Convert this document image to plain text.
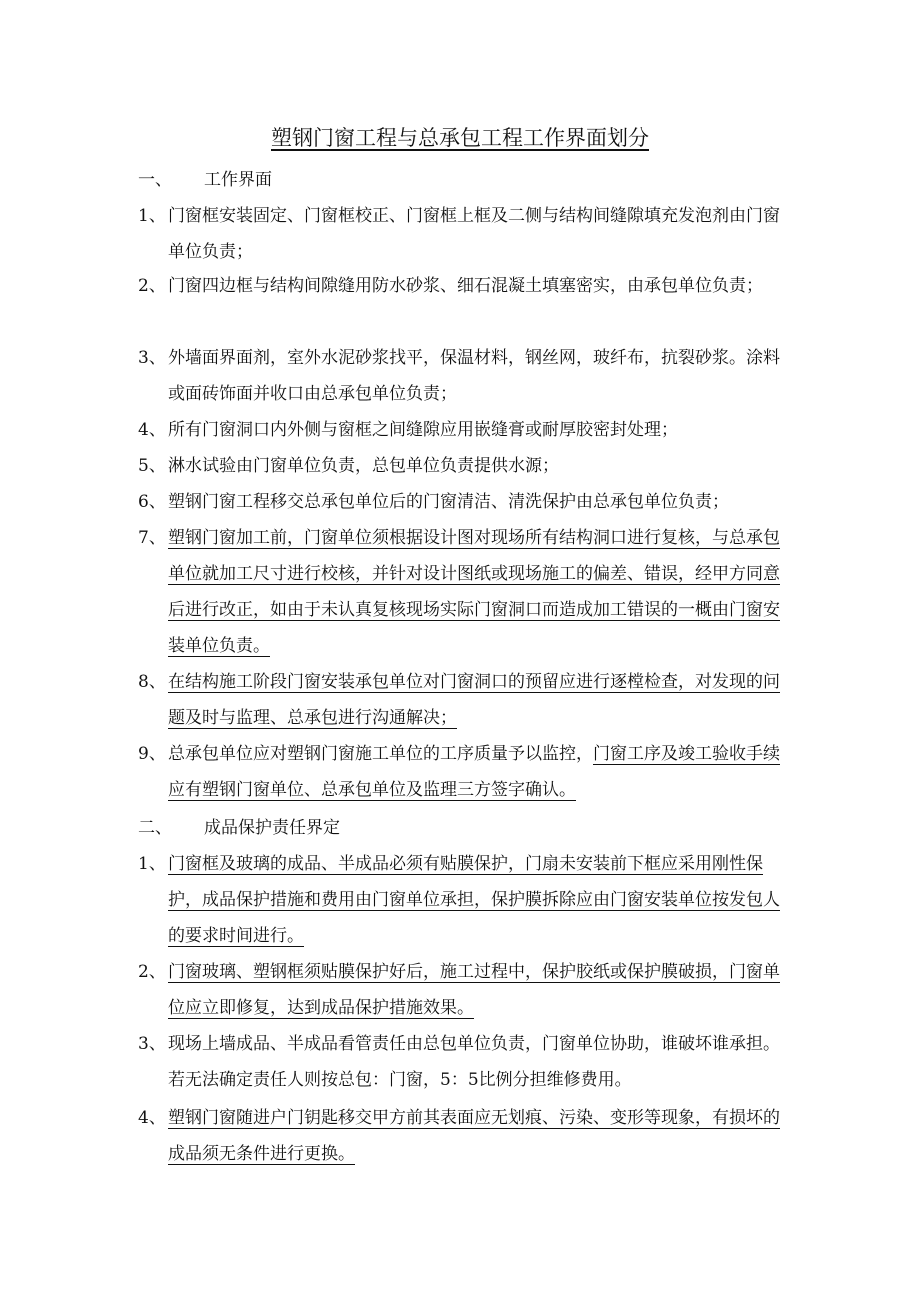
塑钢门窗工程与总承包工程工作界面划分
一、 工作界面
1、 门窗框安装固定、门窗框校正、门窗框上框及二侧与结构间缝隙填充发泡剂由门窗单位负责；
2、 门窗四边框与结构间隙缝用防水砂浆、细石混凝土填塞密实，由承包单位负责；
3、 外墙面界面剂，室外水泥砂浆找平，保温材料，钢丝网，玻纤布，抗裂砂浆。涂料或面砖饰面并收口由总承包单位负责；
4、 所有门窗洞口内外侧与窗框之间缝隙应用嵌缝膏或耐厚胶密封处理；
5、 淋水试验由门窗单位负责，总包单位负责提供水源；
6、 塑钢门窗工程移交总承包单位后的门窗清洁、清洗保护由总承包单位负责；
7、 塑钢门窗加工前，门窗单位须根据设计图对现场所有结构洞口进行复核，与总承包单位就加工尺寸进行校核，并针对设计图纸或现场施工的偏差、错误，经甲方同意后进行改正，如由于未认真复核现场实际门窗洞口而造成加工错误的一概由门窗安装单位负责。
8、 在结构施工阶段门窗安装承包单位对门窗洞口的预留应进行逐樘检查，对发现的问题及时与监理、总承包进行沟通解决；
9、 总承包单位应对塑钢门窗施工单位的工序质量予以监控，门窗工序及竣工验收手续应有塑钢门窗单位、总承包单位及监理三方签字确认。
二、 成品保护责任界定
1、 门窗框及玻璃的成品、半成品必须有贴膜保护，门扇未安装前下框应采用刚性保护，成品保护措施和费用由门窗单位承担，保护膜拆除应由门窗安装单位按发包人的要求时间进行。
2、 门窗玻璃、塑钢框须贴膜保护好后，施工过程中，保护胶纸或保护膜破损，门窗单位应立即修复，达到成品保护措施效果。
3、 现场上墙成品、半成品看管责任由总包单位负责，门窗单位协助，谁破坏谁承担。若无法确定责任人则按总包：门窗，5：5比例分担维修费用。
4、 塑钢门窗随进户门钥匙移交甲方前其表面应无划痕、污染、变形等现象，有损坏的成品须无条件进行更换。
